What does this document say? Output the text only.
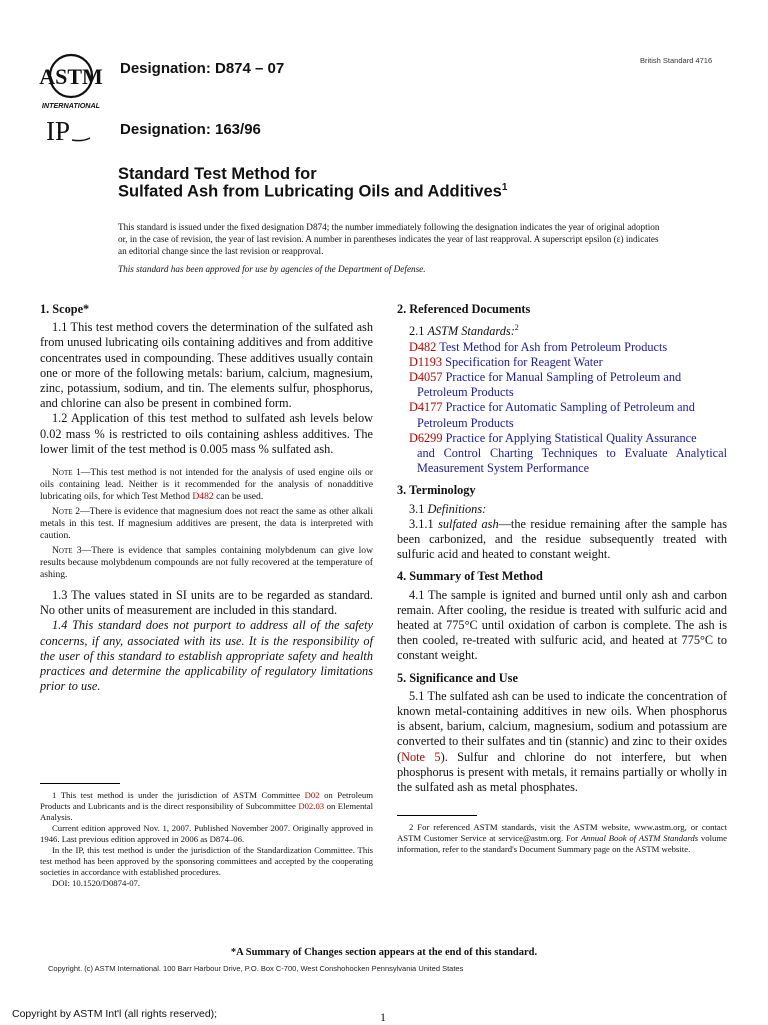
ASTM
INTERNATIONAL
IP
Designation: D874 – 07
Designation: 163/96
British Standard 4716
Standard Test Method for
Sulfated Ash from Lubricating Oils and Additives$^1$
This standard is issued under the fixed designation D874; the number immediately following the designation indicates the year of original adoption or, in the case of revision, the year of last revision. A number in parentheses indicates the year of last reapproval. A superscript epsilon (ε) indicates an editorial change since the last revision or reapproval.
This standard has been approved for use by agencies of the Department of Defense.
1. Scope*

1.1 This test method covers the determination of the sulfated ash from unused lubricating oils containing additives and from additive concentrates used in compounding. These additives usually contain one or more of the following metals: barium, calcium, magnesium, zinc, potassium, sodium, and tin. The elements sulfur, phosphorus, and chlorine can also be present in combined form.

1.2 Application of this test method to sulfated ash levels below 0.02 mass % is restricted to oils containing ashless additives. The lower limit of the test method is 0.005 mass % sulfated ash.

Note 1—This test method is not intended for the analysis of used engine oils or oils containing lead. Neither is it recommended for the analysis of nonadditive lubricating oils, for which Test Method D482 can be used.

Note 2—There is evidence that magnesium does not react the same as other alkali metals in this test. If magnesium additives are present, the data is interpreted with caution.

Note 3—There is evidence that samples containing molybdenum can give low results because molybdenum compounds are not fully recovered at the temperature of ashing.

1.3 The values stated in SI units are to be regarded as standard. No other units of measurement are included in this standard.

1.4 This standard does not purport to address all of the safety concerns, if any, associated with its use. It is the responsibility of the user of this standard to establish appropriate safety and health practices and determine the applicability of regulatory limitations prior to use.

1 This test method is under the jurisdiction of ASTM Committee D02 on Petroleum Products and Lubricants and is the direct responsibility of Subcommittee D02.03 on Elemental Analysis.

Current edition approved Nov. 1, 2007. Published November 2007. Originally approved in 1946. Last previous edition approved in 2006 as D874–06.

In the IP, this test method is under the jurisdiction of the Standardization Committee. This test method has been approved by the sponsoring committees and accepted by the cooperating societies in accordance with established procedures.

DOI: 10.1520/D0874-07.

2. Referenced Documents

2.1 ASTM Standards:$^2$

D482 Test Method for Ash from Petroleum Products
D1193 Specification for Reagent Water
D4057 Practice for Manual Sampling of Petroleum and
Petroleum Products
D4177 Practice for Automatic Sampling of Petroleum and
Petroleum Products
D6299 Practice for Applying Statistical Quality Assurance
and Control Charting Techniques to Evaluate Analytical Measurement System Performance
3. Terminology

3.1 Definitions:

3.1.1 sulfated ash—the residue remaining after the sample has been carbonized, and the residue subsequently treated with sulfuric acid and heated to constant weight.

4. Summary of Test Method

4.1 The sample is ignited and burned until only ash and carbon remain. After cooling, the residue is treated with sulfuric acid and heated at 775°C until oxidation of carbon is complete. The ash is then cooled, re-treated with sulfuric acid, and heated at 775°C to constant weight.

5. Significance and Use

5.1 The sulfated ash can be used to indicate the concentration of known metal-containing additives in new oils. When phosphorus is absent, barium, calcium, magnesium, sodium and potassium are converted to their sulfates and tin (stannic) and zinc to their oxides (Note 5). Sulfur and chlorine do not interfere, but when phosphorus is present with metals, it remains partially or wholly in the sulfated ash as metal phosphates.

2 For referenced ASTM standards, visit the ASTM website, www.astm.org, or contact ASTM Customer Service at service@astm.org. For Annual Book of ASTM Standards volume information, refer to the standard's Document Summary page on the ASTM website.

*A Summary of Changes section appears at the end of this standard.
Copyright. (c) ASTM International. 100 Barr Harbour Drive, P.O. Box C-700, West Conshohocken Pennsylvania United States
Copyright by ASTM Int'l (all rights reserved);	1
